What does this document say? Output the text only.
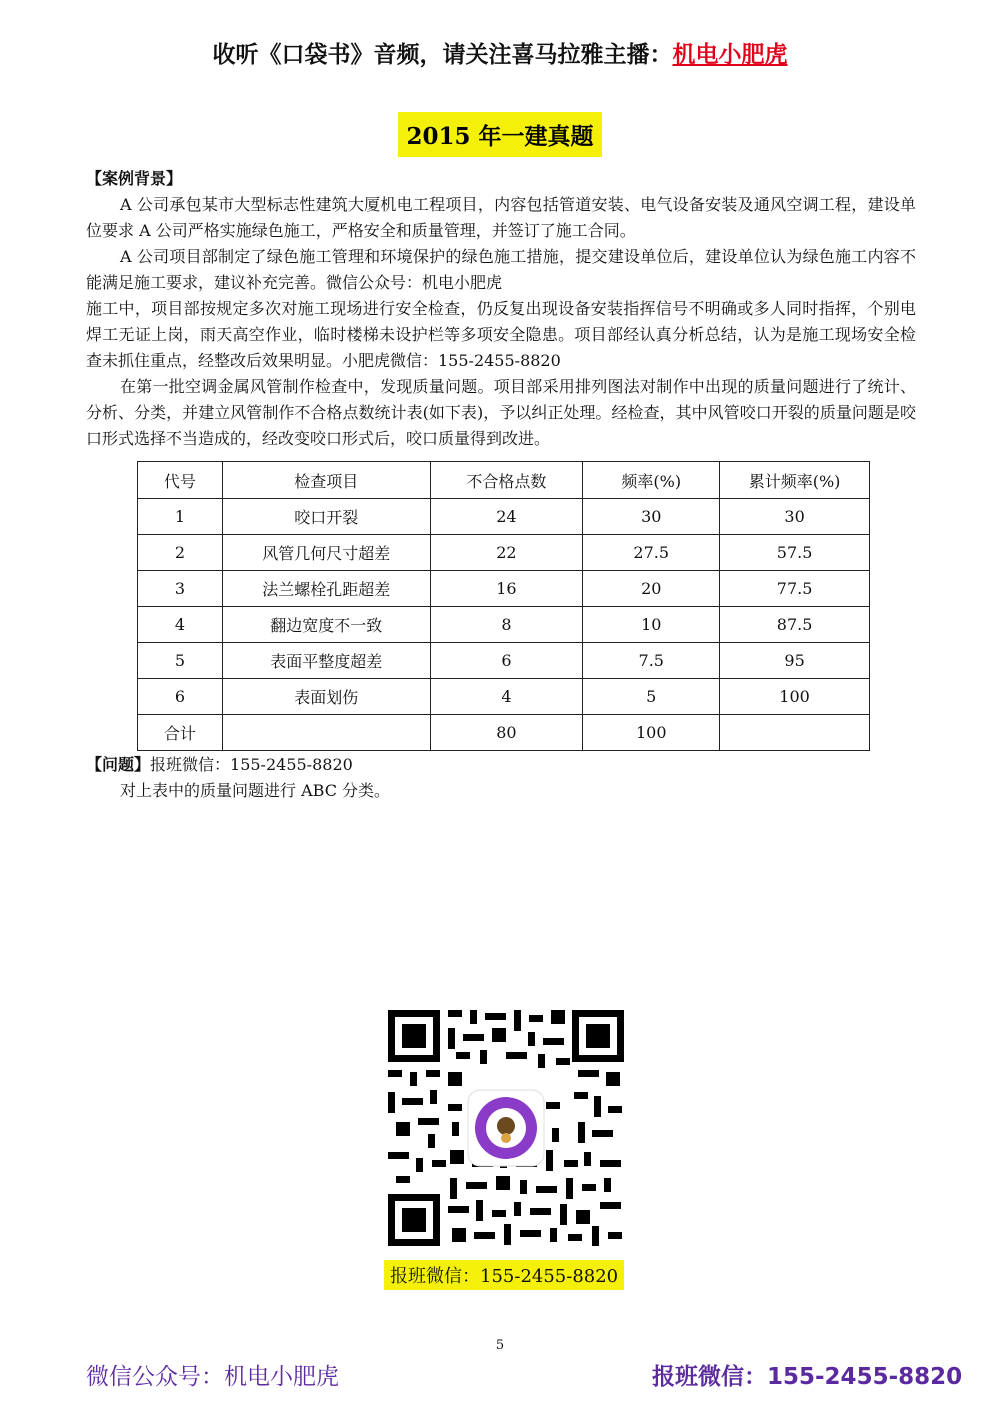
收听《口袋书》音频，请关注喜马拉雅主播：机电小肥虎
2015 年一建真题

【案例背景】

A 公司承包某市大型标志性建筑大厦机电工程项目，内容包括管道安装、电气设备安装及通风空调工程，建设单位要求 A 公司严格实施绿色施工，严格安全和质量管理，并签订了施工合同。

A 公司项目部制定了绿色施工管理和环境保护的绿色施工措施，提交建设单位后，建设单位认为绿色施工内容不能满足施工要求，建议补充完善。微信公众号：机电小肥虎

施工中，项目部按规定多次对施工现场进行安全检查，仍反复出现设备安装指挥信号不明确或多人同时指挥，个别电焊工无证上岗，雨天高空作业，临时楼梯未设护栏等多项安全隐患。项目部经认真分析总结，认为是施工现场安全检查未抓住重点，经整改后效果明显。小肥虎微信：155-2455-8820

在第一批空调金属风管制作检查中，发现质量问题。项目部采用排列图法对制作中出现的质量问题进行了统计、分析、分类，并建立风管制作不合格点数统计表(如下表)，予以纠正处理。经检查，其中风管咬口开裂的质量问题是咬口形式选择不当造成的，经改变咬口形式后，咬口质量得到改进。

代号	检查项目	不合格点数	频率(%)	累计频率(%)
1	咬口开裂	24	30	30
2	风管几何尺寸超差	22	27.5	57.5
3	法兰螺栓孔距超差	16	20	77.5
4	翻边宽度不一致	8	10	87.5
5	表面平整度超差	6	7.5	95
6	表面划伤	4	5	100
合计		80	100	
【问题】报班微信：155-2455-8820
对上表中的质量问题进行 ABC 分类。
报班微信：155-2455-8820
5
微信公众号：机电小肥虎	报班微信：155-2455-8820
